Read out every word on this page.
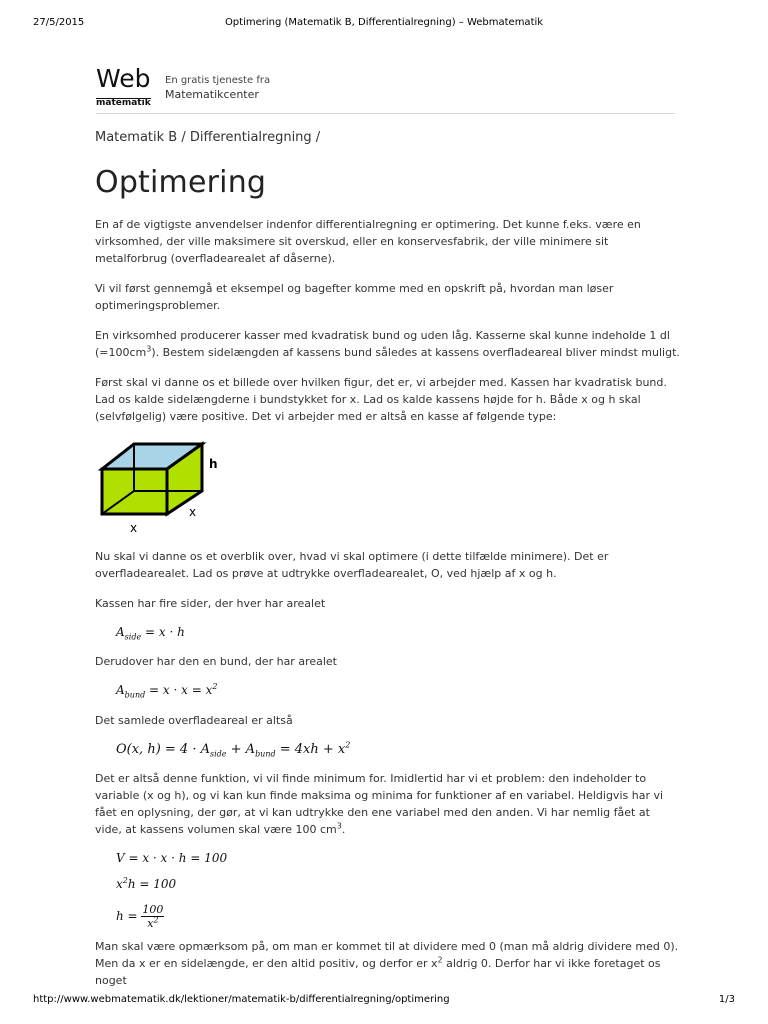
27/5/2015	Optimering (Matematik B, Differentialregning) – Webmatematik
Web
matematik
En gratis tjeneste fra
Matematikcenter
Matematik B / Differentialregning /
Optimering

En af de vigtigste anvendelser indenfor differentialregning er optimering. Det kunne f.eks. være en virksomhed, der ville maksimere sit overskud, eller en konservesfabrik, der ville minimere sit metalforbrug (overfladearealet af dåserne).

Vi vil først gennemgå et eksempel og bagefter komme med en opskrift på, hvordan man løser optimeringsproblemer.

En virksomhed producerer kasser med kvadratisk bund og uden låg. Kasserne skal kunne indeholde 1 dl $(=100cm^3)$. Bestem sidelængden af kassens bund således at kassens overfladeareal bliver mindst muligt.

Først skal vi danne os et billede over hvilken figur, det er, vi arbejder med. Kassen har kvadratisk bund. Lad os kalde sidelængderne i bundstykket for x. Lad os kalde kassens højde for h. Både x og h skal (selvfølgelig) være positive. Det vi arbejder med er altså en kasse af følgende type:

h
x
x

Nu skal vi danne os et overblik over, hvad vi skal optimere (i dette tilfælde minimere). Det er overfladearealet. Lad os prøve at udtrykke overfladearealet, O, ved hjælp af x og h.

Kassen har fire sider, der hver har arealet

$A_{side} = x \cdot h$

Derudover har den en bund, der har arealet

$A_{bund} = x \cdot x = x^2$

Det samlede overfladeareal er altså

O(x, $h) = 4 \cdot A_{side} + A_{bund} = 4xh + x^2$

Det er altså denne funktion, vi vil finde minimum for. Imidlertid har vi et problem: den indeholder to variable (x og h), og vi kan kun finde maksima og minima for funktioner af en variabel. Heldigvis har vi fået en oplysning, der gør, at vi kan udtrykke den ene variabel med den anden. Vi har nemlig fået at vide, at kassens volumen skal være 100 $cm^3$.

V = x · x · h = 100
$x^2h = 100$
$h = \frac{100}{x^2}$

Man skal være opmærksom på, om man er kommet til at dividere med 0 (man må aldrig dividere med 0). Men da x er en sidelængde, er den altid positiv, og derfor er $x^2$ aldrig 0. Derfor har vi ikke foretaget os noget

http://www.webmatematik.dk/lektioner/matematik-b/differentialregning/optimering	1/3
